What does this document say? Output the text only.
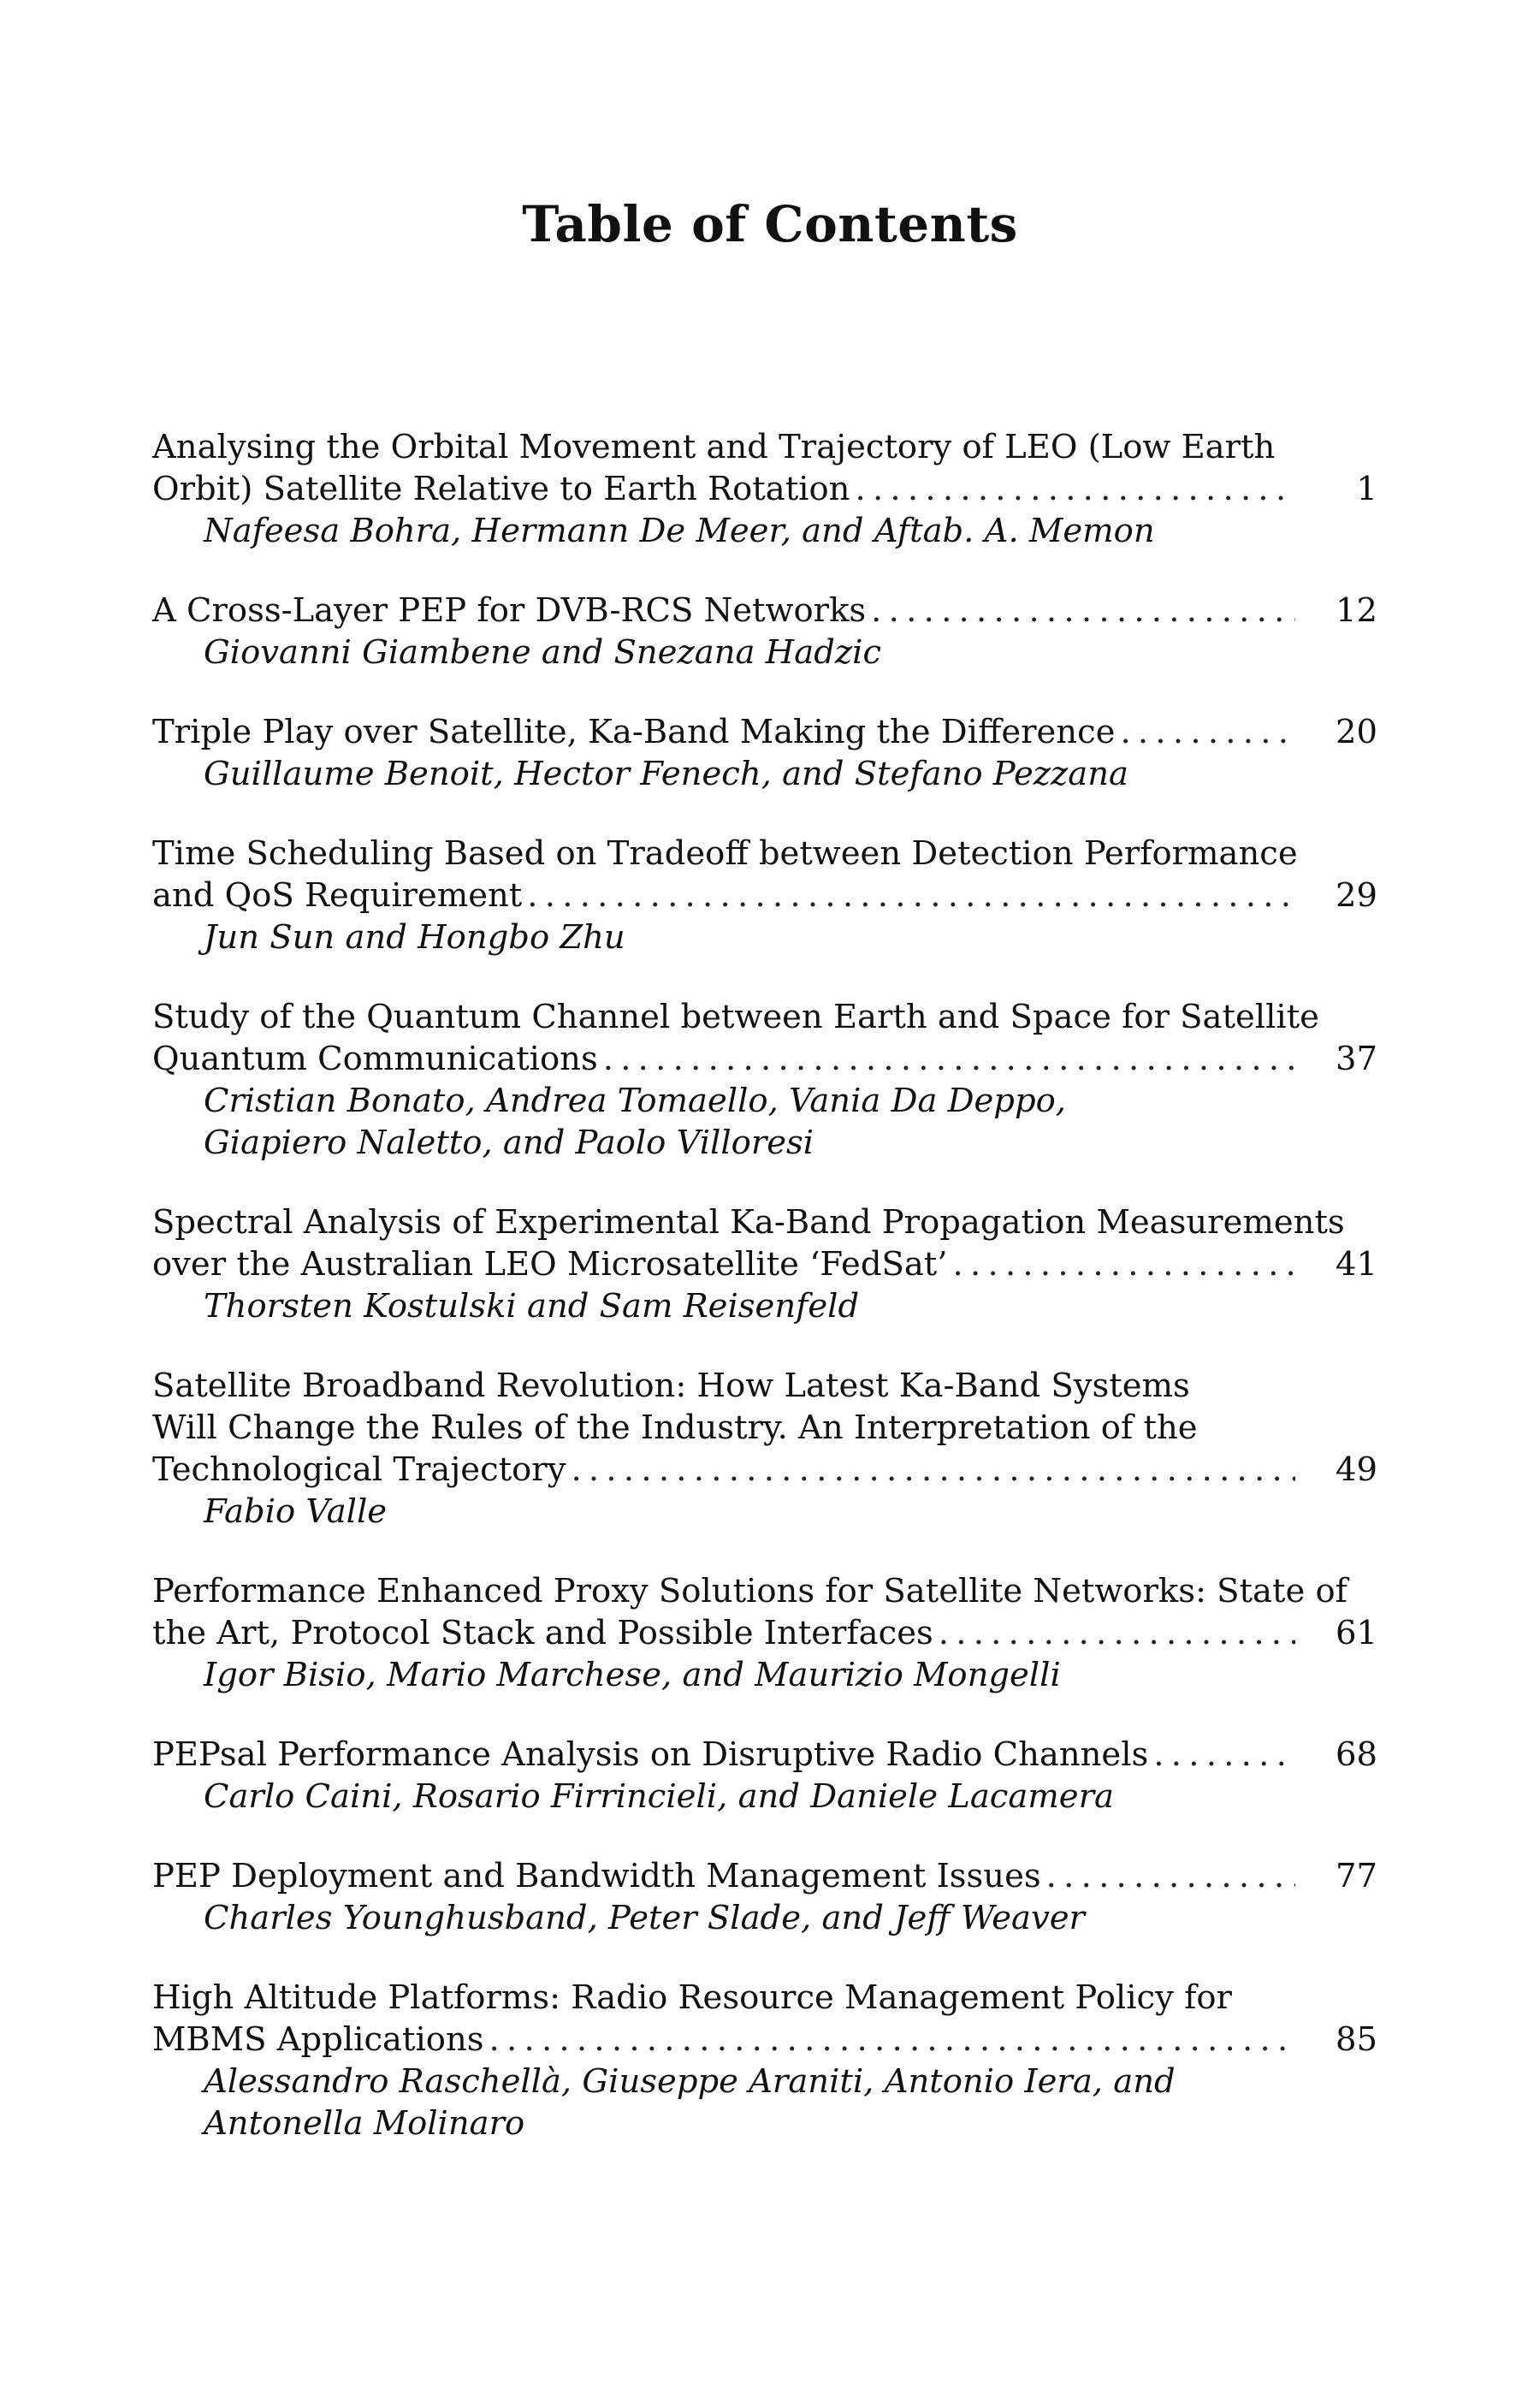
Table of Contents
Analysing the Orbital Movement and Trajectory of LEO (Low Earth
Orbit) Satellite Relative to Earth Rotation . . .	1
Nafeesa Bohra, Hermann De Meer, and Aftab. A. Memon
A Cross-Layer PEP for DVB-RCS Networks . . .	12
Giovanni Giambene and Snezana Hadzic
Triple Play over Satellite, Ka-Band Making the Difference . . .	20
Guillaume Benoit, Hector Fenech, and Stefano Pezzana
Time Scheduling Based on Tradeoff between Detection Performance
and QoS Requirement . . .	29
Jun Sun and Hongbo Zhu
Study of the Quantum Channel between Earth and Space for Satellite
Quantum Communications . . .	37
Cristian Bonato, Andrea Tomaello, Vania Da Deppo,
Giapiero Naletto, and Paolo Villoresi
Spectral Analysis of Experimental Ka-Band Propagation Measurements
over the Australian LEO Microsatellite ‘FedSat’ . . .	41
Thorsten Kostulski and Sam Reisenfeld
Satellite Broadband Revolution: How Latest Ka-Band Systems
Will Change the Rules of the Industry. An Interpretation of the
Technological Trajectory . . .	49
Fabio Valle
Performance Enhanced Proxy Solutions for Satellite Networks: State of
the Art, Protocol Stack and Possible Interfaces . . .	61
Igor Bisio, Mario Marchese, and Maurizio Mongelli
PEPsal Performance Analysis on Disruptive Radio Channels . . .	68
Carlo Caini, Rosario Firrincieli, and Daniele Lacamera
PEP Deployment and Bandwidth Management Issues . . .	77
Charles Younghusband, Peter Slade, and Jeff Weaver
High Altitude Platforms: Radio Resource Management Policy for
MBMS Applications . . .	85
Alessandro Raschellà, Giuseppe Araniti, Antonio Iera, and
Antonella Molinaro
